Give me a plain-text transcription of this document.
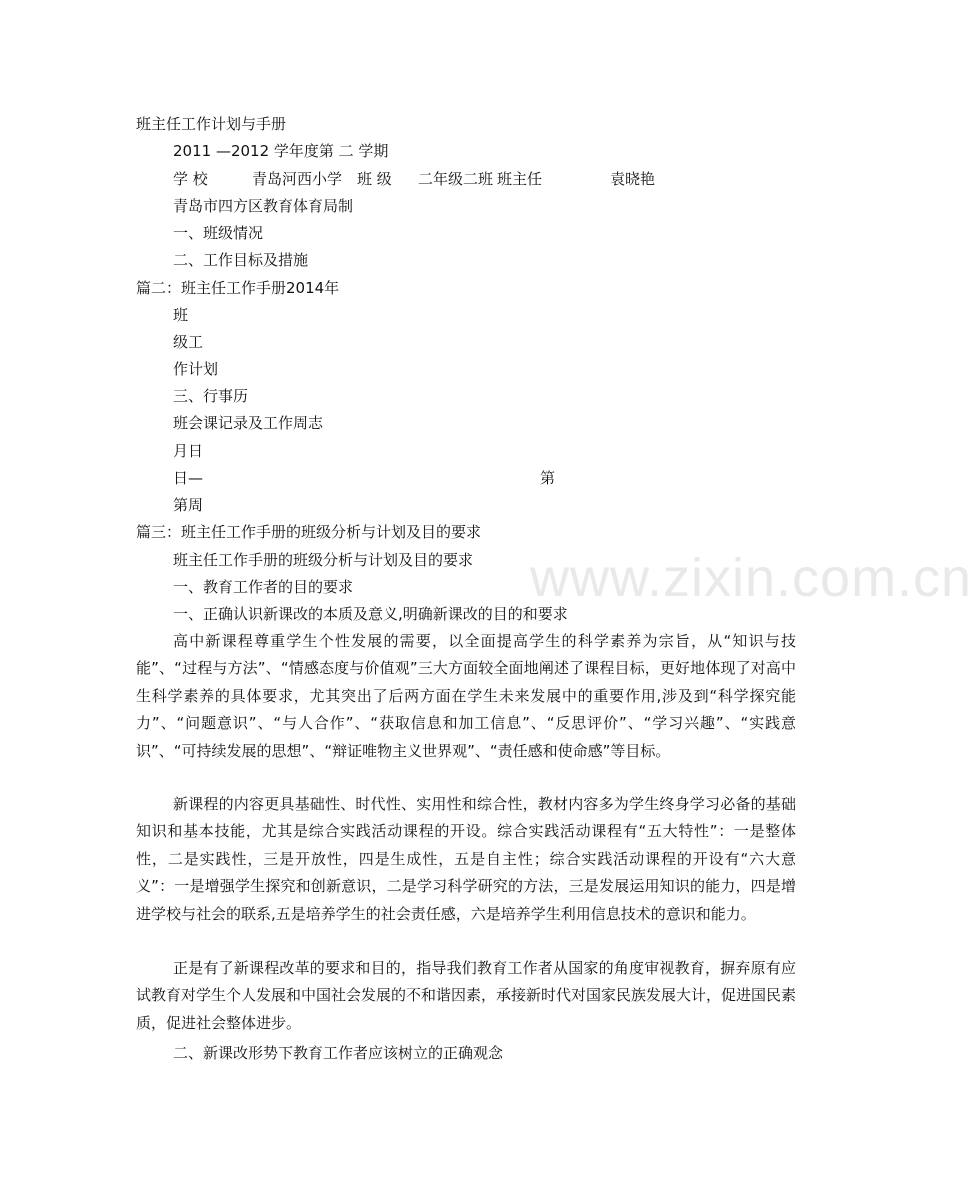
www.zixin.com.cn
班主任工作计划与手册
2011 —2012 学年度第 二 学期
学 校	青岛河西小学 班 级 二年级二班 班主任	袁晓艳
青岛市四方区教育体育局制
一、班级情况
二、工作目标及措施
篇二：班主任工作手册2014年
班
级工
作计划
三、行事历
班会课记录及工作周志
月日
日—	第
第周
篇三：班主任工作手册的班级分析与计划及目的要求
班主任工作手册的班级分析与计划及目的要求
一、教育工作者的目的要求
一、正确认识新课改的本质及意义,明确新课改的目的和要求

高中新课程尊重学生个性发展的需要，以全面提高学生的科学素养为宗旨，从“知识与技能”、“过程与方法”、“情感态度与价值观”三大方面较全面地阐述了课程目标，更好地体现了对高中生科学素养的具体要求，尤其突出了后两方面在学生未来发展中的重要作用,涉及到“科学探究能力”、“问题意识”、“与人合作”、“获取信息和加工信息”、“反思评价”、“学习兴趣”、“实践意识”、“可持续发展的思想”、“辩证唯物主义世界观”、“责任感和使命感”等目标。

新课程的内容更具基础性、时代性、实用性和综合性，教材内容多为学生终身学习必备的基础知识和基本技能，尤其是综合实践活动课程的开设。综合实践活动课程有“五大特性”：一是整体性，二是实践性，三是开放性，四是生成性，五是自主性；综合实践活动课程的开设有“六大意义”：一是增强学生探究和创新意识，二是学习科学研究的方法，三是发展运用知识的能力，四是增进学校与社会的联系,五是培养学生的社会责任感，六是培养学生利用信息技术的意识和能力。

正是有了新课程改革的要求和目的，指导我们教育工作者从国家的角度审视教育，摒弃原有应试教育对学生个人发展和中国社会发展的不和谐因素，承接新时代对国家民族发展大计，促进国民素质，促进社会整体进步。

二、新课改形势下教育工作者应该树立的正确观念
